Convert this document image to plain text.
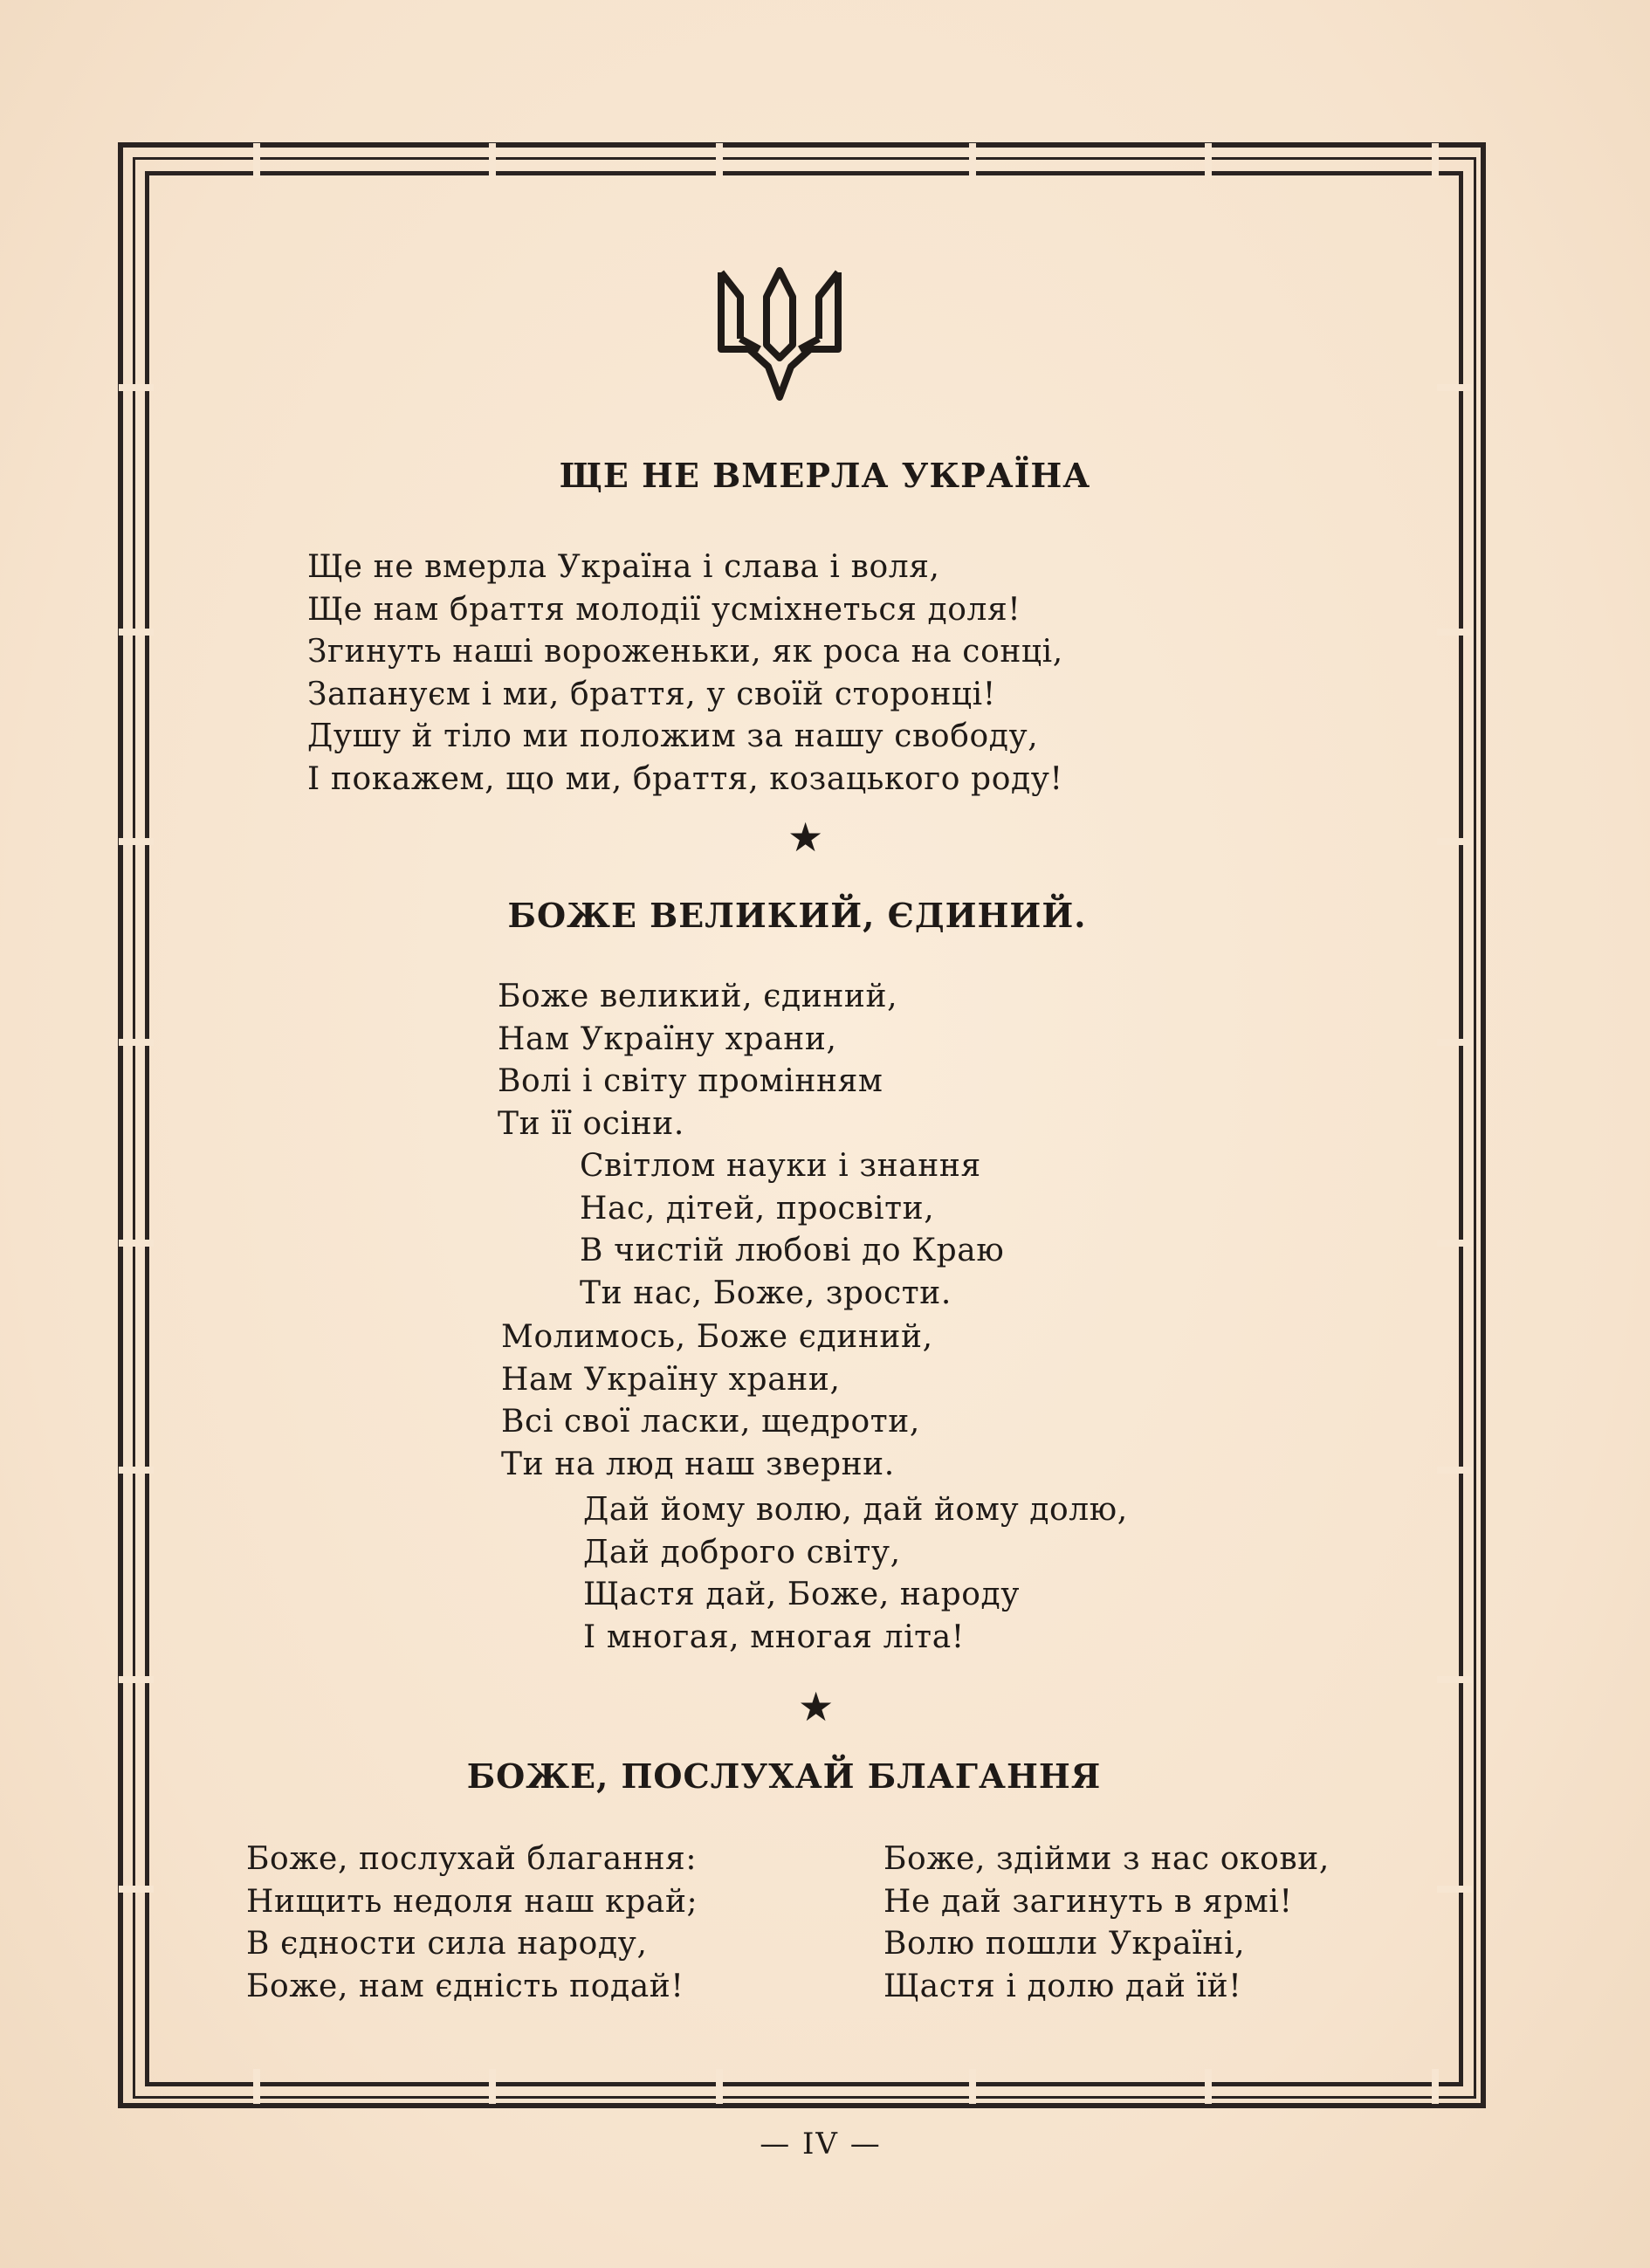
ЩЕ НЕ ВМЕРЛА УКРАЇНА
Ще не вмерла Україна і слава і воля,
Ще нам браття молодії усміхнеться доля!
Згинуть наші вороженьки, як роса на сонці,
Запануєм і ми, браття, у своїй сторонці!
Душу й тіло ми положим за нашу свободу,
І покажем, що ми, браття, козацького роду!
★
БОЖЕ ВЕЛИКИЙ, ЄДИНИЙ.
Боже великий, єдиний,
Нам Україну храни,
Волі і світу промінням
Ти її осіни.
Світлом науки і знання
Нас, дітей, просвіти,
В чистій любові до Краю
Ти нас, Боже, зрости.
Молимось, Боже єдиний,
Нам Україну храни,
Всі свої ласки, щедроти,
Ти на люд наш зверни.
Дай йому волю, дай йому долю,
Дай доброго світу,
Щастя дай, Боже, народу
І многая, многая літа!
★
БОЖЕ, ПОСЛУХАЙ БЛАГАННЯ
Боже, послухай благання:
Нищить недоля наш край;
В єдности сила народу,
Боже, нам єдність подай!
Боже, здійми з нас окови,
Не дай загинуть в ярмі!
Волю пошли Україні,
Щастя і долю дай їй!
— IV —
